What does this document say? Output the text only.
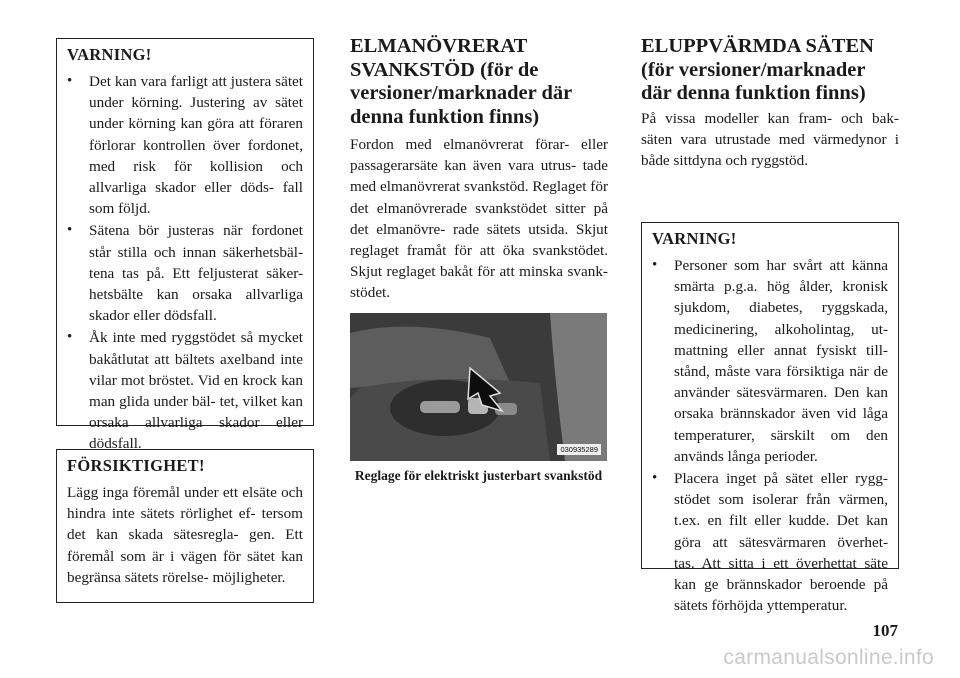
VARNING!
• Det kan vara farligt att justera sätet under körning. Justering av sätet under körning kan göra att föraren förlorar kontrollen över fordonet, med risk för kollision och allvarliga skador eller döds- fall som följd.
• Sätena bör justeras när fordonet står stilla och innan säkerhetsbäl- tena tas på. Ett feljusterat säker- hetsbälte kan orsaka allvarliga skador eller dödsfall.
• Åk inte med ryggstödet så mycket bakåtlutat att bältets axelband inte vilar mot bröstet. Vid en krock kan man glida under bäl- tet, vilket kan orsaka allvarliga skador eller dödsfall.
FÖRSIKTIGHET!

Lägg inga föremål under ett elsäte och hindra inte sätets rörlighet ef- tersom det kan skada sätesregla- gen. Ett föremål som är i vägen för sätet kan begränsa sätets rörelse- möjligheter.

ELMANÖVRERAT SVANKSTÖD (för de versioner/marknader där denna funktion finns)

Fordon med elmanövrerat förar- eller passagerarsäte kan även vara utrus- tade med elmanövrerat svankstöd. Reglaget för det elmanövrerade svankstödet sitter på det elmanövre- rade sätets utsida. Skjut reglaget framåt för att öka svankstödet. Skjut reglaget bakåt för att minska svank- stödet.

030935289
Reglage för elektriskt justerbart svankstöd
ELUPPVÄRMDA SÄTEN (för versioner/marknader där denna funktion finns)

På vissa modeller kan fram- och bak- säten vara utrustade med värmedynor i både sittdyna och ryggstöd.

VARNING!
• Personer som har svårt att känna smärta p.g.a. hög ålder, kronisk sjukdom, diabetes, ryggskada, medicinering, alkoholintag, ut- mattning eller annat fysiskt till- stånd, måste vara försiktiga när de använder sätesvärmaren. Den kan orsaka brännskador även vid låga temperaturer, särskilt om den används långa perioder.
• Placera inget på sätet eller rygg- stödet som isolerar från värmen, t.ex. en filt eller kudde. Det kan göra att sätesvärmaren överhet- tas. Att sitta i ett överhettat säte kan ge brännskador beroende på sätets förhöjda yttemperatur.
107
carmanualsonline.info
